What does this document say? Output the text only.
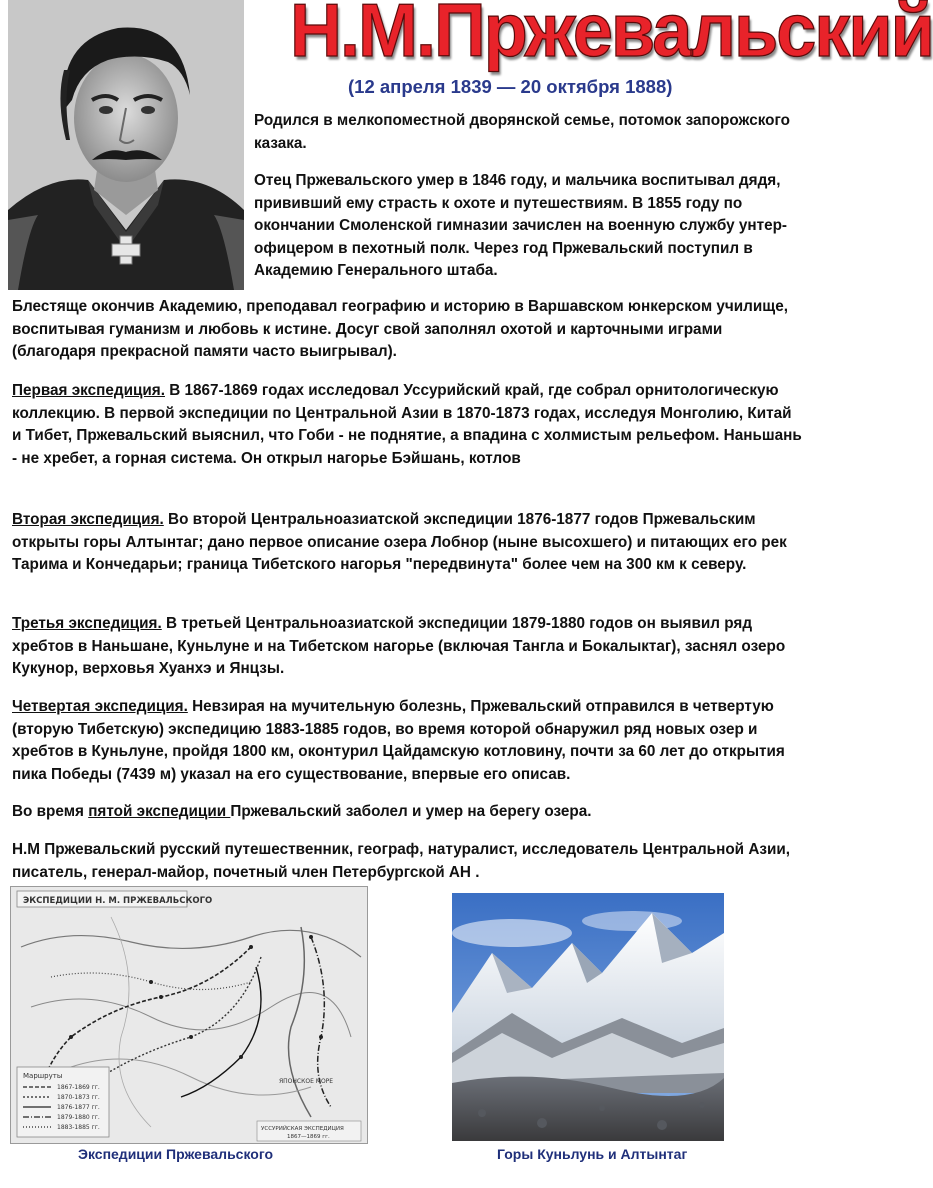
Н.М.Пржевальский
(12 апреля 1839 — 20 октября 1888)
Родился в мелкопоместной дворянской семье, потомок запорожского казака.
Отец Пржевальского умер в 1846 году, и мальчика воспитывал дядя, прививший ему страсть к охоте и путешествиям. В 1855 году по окончании Смоленской гимназии зачислен на военную службу унтер-офицером в пехотный полк. Через год Пржевальский поступил в Академию Генерального штаба.
Блестяще окончив Академию, преподавал географию и историю в Варшавском юнкерском училище, воспитывая гуманизм и любовь к истине. Досуг свой заполнял охотой и карточными играми (благодаря прекрасной памяти часто выигрывал).
Первая экспедиция. В 1867-1869 годах исследовал Уссурийский край, где собрал орнитологическую коллекцию. В первой экспедиции по Центральной Азии в 1870-1873 годах, исследуя Монголию, Китай и Тибет, Пржевальский выяснил, что Гоби - не поднятие, а впадина с холмистым рельефом. Наньшань - не хребет, а горная система. Он открыл нагорье Бэйшань, котлов
Вторая экспедиция. Во второй Центральноазиатской экспедиции 1876-1877 годов Пржевальским открыты горы Алтынтаг; дано первое описание озера Лобнор (ныне высохшего) и питающих его рек Тарима и Кончедарьи; граница Тибетского нагорья "передвинута" более чем на 300 км к северу.
Третья экспедиция. В третьей Центральноазиатской экспедиции 1879-1880 годов он выявил ряд хребтов в Наньшане, Куньлуне и на Тибетском нагорье (включая Тангла и Бокалыктаг), заснял озеро Кукунор, верховья Хуанхэ и Янцзы.
Четвертая экспедиция. Невзирая на мучительную болезнь, Пржевальский отправился в четвертую (вторую Тибетскую) экспедицию 1883-1885 годов, во время которой обнаружил ряд новых озер и хребтов в Куньлуне, пройдя 1800 км, оконтурил Цайдамскую котловину, почти за 60 лет до открытия пика Победы (7439 м) указал на его существование, впервые его описав.
Во время пятой экспедиции Пржевальский заболел и умер на берегу озера.
Н.М Пржевальский русский путешественник, географ, натуралист, исследователь Центральной Азии, писатель, генерал-майор, почетный член Петербургской АН .
ЭКСПЕДИЦИИ Н. М. ПРЖЕВАЛЬСКОГО
Маршруты
1867-1869 гг.
1870-1873 гг.
1876-1877 гг.
1879-1880 гг.
1883-1885 гг.
ЯПОНСКОЕ МОРЕ
УССУРИЙСКАЯ ЭКСПЕДИЦИЯ
1867—1869 гг.
Экспедиции Пржевальского	Горы Куньлунь и Алтынтаг
